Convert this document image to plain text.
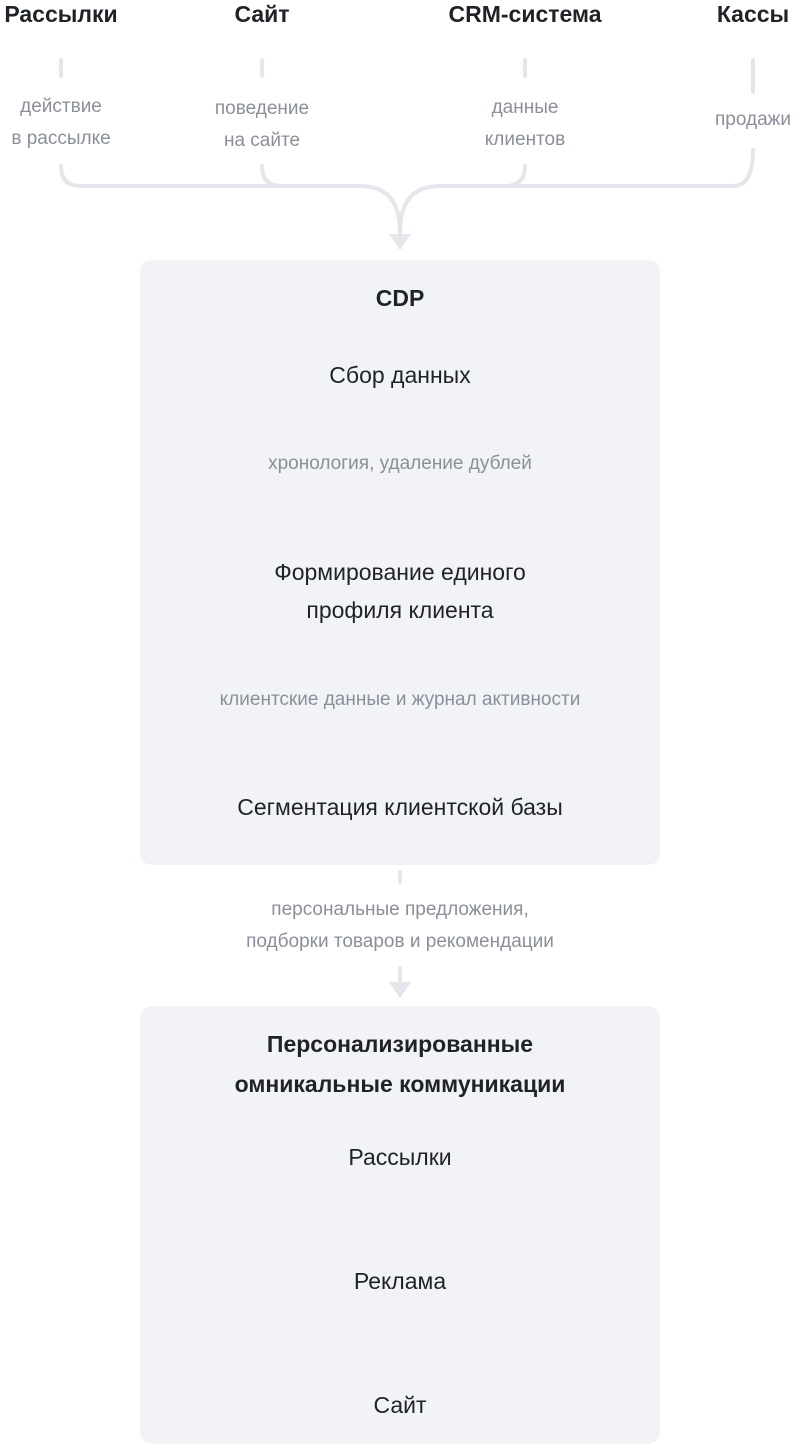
Рассылки	Сайт	CRM-система	Кассы
действие
в рассылке
поведение
на сайте
данные
клиентов
продажи
CDP
Сбор данных
хронология, удаление дублей
Формирование единого
профиля клиента
клиентские данные и журнал активности
Сегментация клиентской базы
персональные предложения,
подборки товаров и рекомендации
Персонализированные
омникальные коммуникации
Рассылки
Реклама
Сайт
